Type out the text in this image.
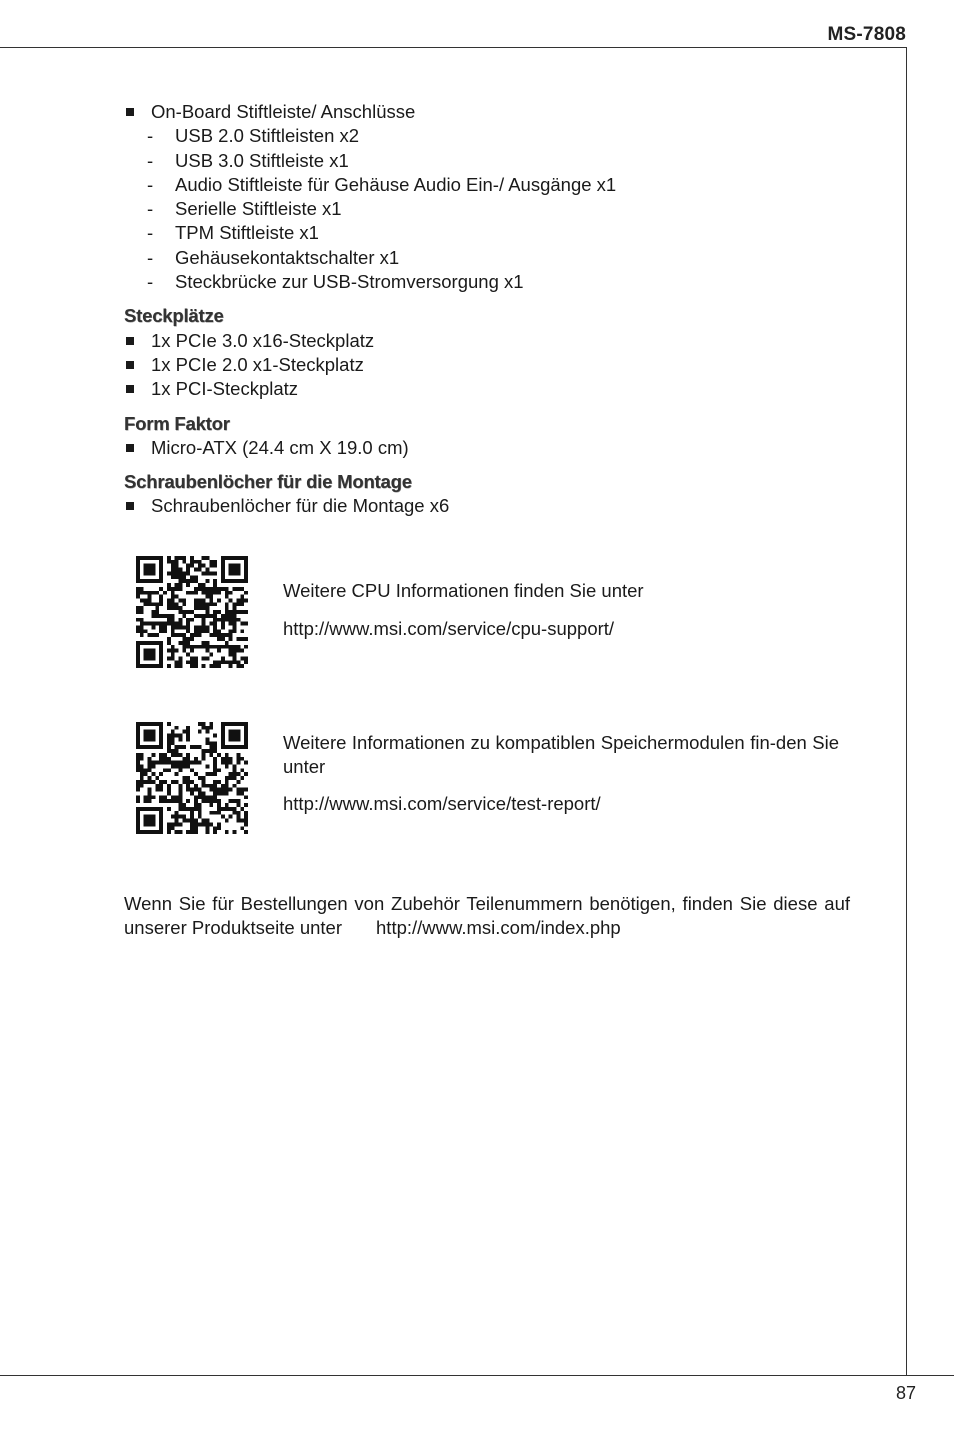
MS-7808
87

On-Board Stiftleiste/ Anschlüsse

- USB 2.0 Stiftleisten x2

- USB 3.0 Stiftleiste x1

- Audio Stiftleiste für Gehäuse Audio Ein-/ Ausgänge x1

- Serielle Stiftleiste x1

- TPM Stiftleiste x1

- Gehäusekontaktschalter x1

- Steckbrücke zur USB-Stromversorgung x1

Steckplätze

1x PCIe 3.0 x16-Steckplatz

1x PCIe 2.0 x1-Steckplatz

1x PCI-Steckplatz

Form Faktor

Micro-ATX (24.4 cm X 19.0 cm)

Schraubenlöcher für die Montage

Schraubenlöcher für die Montage x6

Weitere CPU Informationen finden Sie unter
http://www.msi.com/service/cpu-support/
Weitere Informationen zu kompatiblen Speichermodulen fin-den Sie unter
http://www.msi.com/service/test-report/
Wenn Sie für Bestellungen von Zubehör Teilenummern benötigen, finden Sie diese auf unserer Produktseite unter http://www.msi.com/index.php
